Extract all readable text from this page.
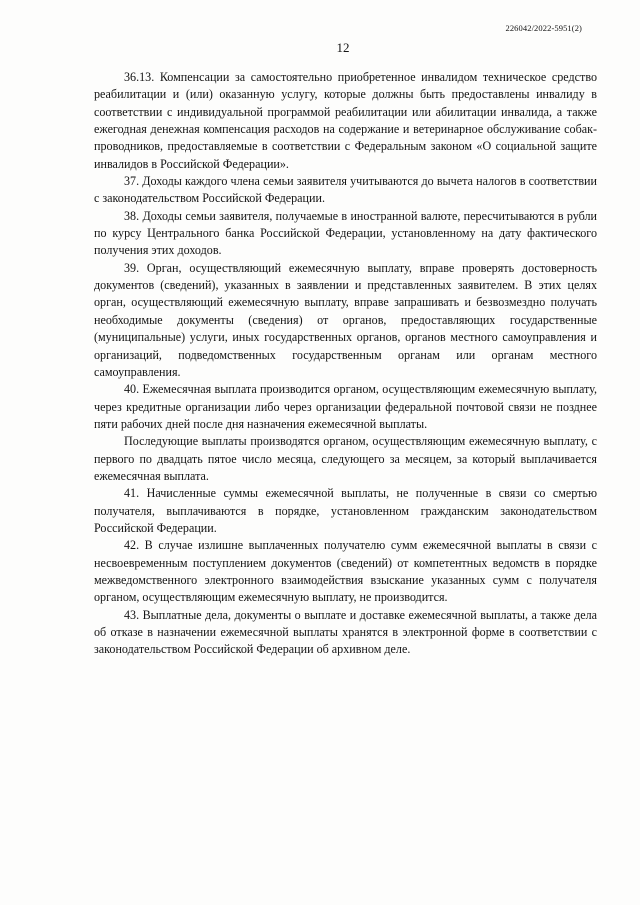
226042/2022-5951(2)
12

36.13. Компенсации за самостоятельно приобретенное инвалидом техническое средство реабилитации и (или) оказанную услугу, которые должны быть предоставлены инвалиду в соответствии с индивидуальной программой реабилитации или абилитации инвалида, а также ежегодная денежная компенсация расходов на содержание и ветеринарное обслуживание собак-проводников, предоставляемые в соответствии с Федеральным законом «О социальной защите инвалидов в Российской Федерации».

37. Доходы каждого члена семьи заявителя учитываются до вычета налогов в соответствии с законодательством Российской Федерации.

38. Доходы семьи заявителя, получаемые в иностранной валюте, пересчитываются в рубли по курсу Центрального банка Российской Федерации, установленному на дату фактического получения этих доходов.

39. Орган, осуществляющий ежемесячную выплату, вправе проверять достоверность документов (сведений), указанных в заявлении и представленных заявителем. В этих целях орган, осуществляющий ежемесячную выплату, вправе запрашивать и безвозмездно получать необходимые документы (сведения) от органов, предоставляющих государственные (муниципальные) услуги, иных государственных органов, органов местного самоуправления и организаций, подведомственных государственным органам или органам местного самоуправления.

40. Ежемесячная выплата производится органом, осуществляющим ежемесячную выплату, через кредитные организации либо через организации федеральной почтовой связи не позднее пяти рабочих дней после дня назначения ежемесячной выплаты.

Последующие выплаты производятся органом, осуществляющим ежемесячную выплату, с первого по двадцать пятое число месяца, следующего за месяцем, за который выплачивается ежемесячная выплата.

41. Начисленные суммы ежемесячной выплаты, не полученные в связи со смертью получателя, выплачиваются в порядке, установленном гражданским законодательством Российской Федерации.

42. В случае излишне выплаченных получателю сумм ежемесячной выплаты в связи с несвоевременным поступлением документов (сведений) от компетентных ведомств в порядке межведомственного электронного взаимодействия взыскание указанных сумм с получателя органом, осуществляющим ежемесячную выплату, не производится.

43. Выплатные дела, документы о выплате и доставке ежемесячной выплаты, а также дела об отказе в назначении ежемесячной выплаты хранятся в электронной форме в соответствии с законодательством Российской Федерации об архивном деле.
